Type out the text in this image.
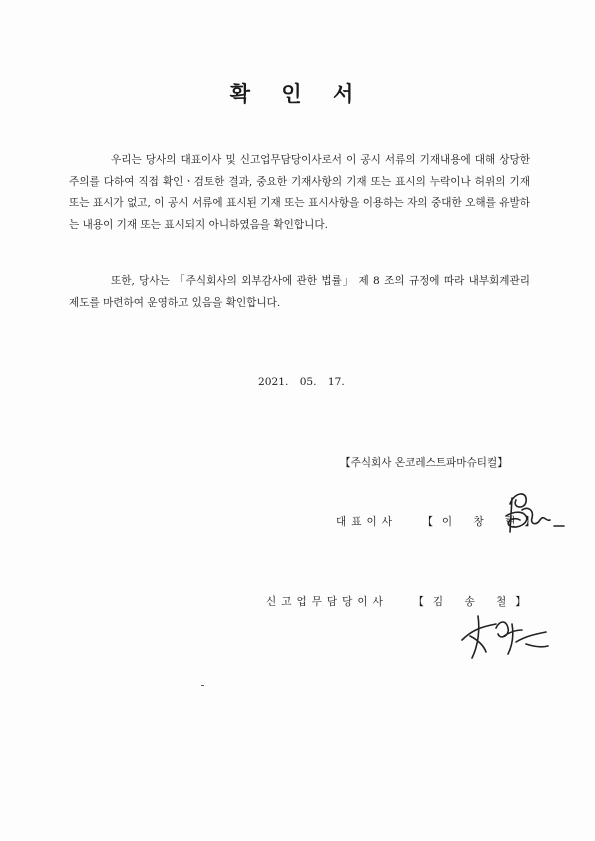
확 인 서

우리는 당사의 대표이사 및 신고업무담당이사로서 이 공시 서류의 기재내용에 대해 상당한 주의를 다하여 직접 확인ㆍ검토한 결과, 중요한 기재사항의 기재 또는 표시의 누락이나 허위의 기재 또는 표시가 없고, 이 공시 서류에 표시된 기재 또는 표시사항을 이용하는 자의 중대한 오해를 유발하는 내용이 기재 또는 표시되지 아니하였음을 확인합니다.

또한, 당사는 「주식회사의 외부감사에 관한 법률」 제 8 조의 규정에 따라 내부회계관리 제도를 마련하여 운영하고 있음을 확인합니다.

2021. 05. 17.
【주식회사 온코레스트파마슈티컬】
대표이사 【이 창 현】
신고업무담당이사 【김 송 철】
